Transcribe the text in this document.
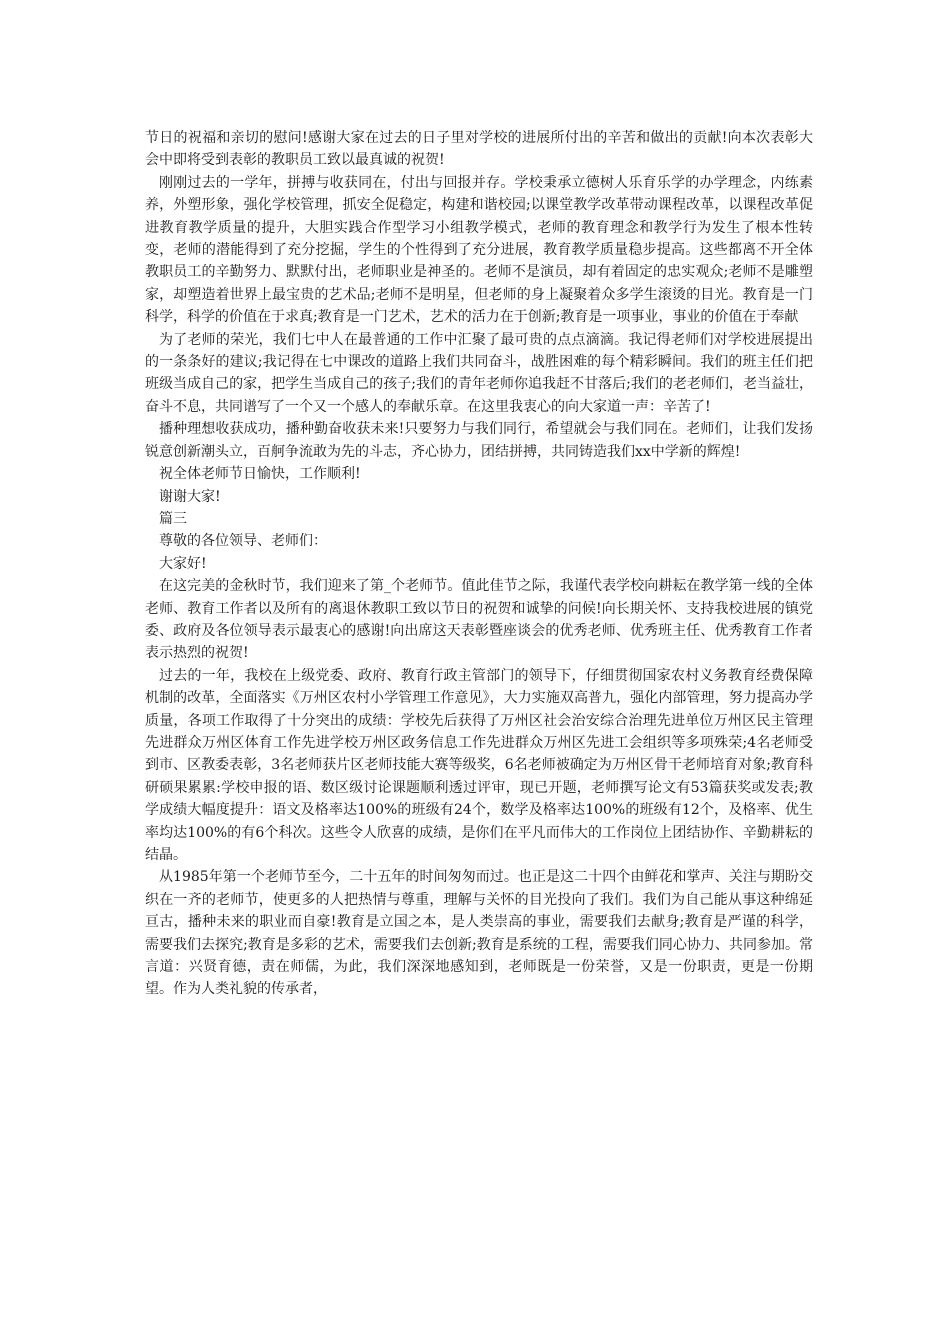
节日的祝福和亲切的慰问!感谢大家在过去的日子里对学校的进展所付出的辛苦和做出的贡献!向本次表彰大会中即将受到表彰的教职员工致以最真诚的祝贺!

刚刚过去的一学年，拼搏与收获同在，付出与回报并存。学校秉承立德树人乐育乐学的办学理念，内练素养，外塑形象，强化学校管理，抓安全促稳定，构建和谐校园;以课堂教学改革带动课程改革，以课程改革促进教育教学质量的提升，大胆实践合作型学习小组教学模式，老师的教育理念和教学行为发生了根本性转变，老师的潜能得到了充分挖掘，学生的个性得到了充分进展，教育教学质量稳步提高。这些都离不开全体教职员工的辛勤努力、默默付出，老师职业是神圣的。老师不是演员，却有着固定的忠实观众;老师不是雕塑家，却塑造着世界上最宝贵的艺术品;老师不是明星，但老师的身上凝聚着众多学生滚烫的目光。教育是一门科学，科学的价值在于求真;教育是一门艺术，艺术的活力在于创新;教育是一项事业，事业的价值在于奉献

为了老师的荣光，我们七中人在最普通的工作中汇聚了最可贵的点点滴滴。我记得老师们对学校进展提出的一条条好的建议;我记得在七中课改的道路上我们共同奋斗，战胜困难的每个精彩瞬间。我们的班主任们把班级当成自己的家，把学生当成自己的孩子;我们的青年老师你追我赶不甘落后;我们的老老师们，老当益壮，奋斗不息，共同谱写了一个又一个感人的奉献乐章。在这里我衷心的向大家道一声：辛苦了!

播种理想收获成功，播种勤奋收获未来!只要努力与我们同行，希望就会与我们同在。老师们，让我们发扬锐意创新潮头立，百舸争流敢为先的斗志，齐心协力，团结拼搏，共同铸造我们xx中学新的辉煌!

祝全体老师节日愉快，工作顺利!

谢谢大家!

篇三

尊敬的各位领导、老师们：

大家好!

在这完美的金秋时节，我们迎来了第_个老师节。值此佳节之际，我谨代表学校向耕耘在教学第一线的全体老师、教育工作者以及所有的离退休教职工致以节日的祝贺和诚挚的问候!向长期关怀、支持我校进展的镇党委、政府及各位领导表示最衷心的感谢!向出席这天表彰暨座谈会的优秀老师、优秀班主任、优秀教育工作者表示热烈的祝贺!

过去的一年，我校在上级党委、政府、教育行政主管部门的领导下，仔细贯彻国家农村义务教育经费保障机制的改革，全面落实《万州区农村小学管理工作意见》，大力实施双高普九，强化内部管理，努力提高办学质量，各项工作取得了十分突出的成绩：学校先后获得了万州区社会治安综合治理先进单位万州区民主管理先进群众万州区体育工作先进学校万州区政务信息工作先进群众万州区先进工会组织等多项殊荣;4名老师受到市、区教委表彰，3名老师获片区老师技能大赛等级奖，6名老师被确定为万州区骨干老师培育对象;教育科研硕果累累:学校申报的语、数区级讨论课题顺利透过评审，现已开题，老师撰写论文有53篇获奖或发表;教学成绩大幅度提升：语文及格率达100%的班级有24个，数学及格率达100%的班级有12个，及格率、优生率均达100%的有6个科次。这些令人欣喜的成绩，是你们在平凡而伟大的工作岗位上团结协作、辛勤耕耘的结晶。

从1985年第一个老师节至今，二十五年的时间匆匆而过。也正是这二十四个由鲜花和掌声、关注与期盼交织在一齐的老师节，使更多的人把热情与尊重，理解与关怀的目光投向了我们。我们为自己能从事这种绵延亘古，播种未来的职业而自豪!教育是立国之本，是人类崇高的事业，需要我们去献身;教育是严谨的科学，需要我们去探究;教育是多彩的艺术，需要我们去创新;教育是系统的工程，需要我们同心协力、共同参加。常言道：兴贤育德，责在师儒，为此，我们深深地感知到，老师既是一份荣誉，又是一份职责，更是一份期望。作为人类礼貌的传承者，
